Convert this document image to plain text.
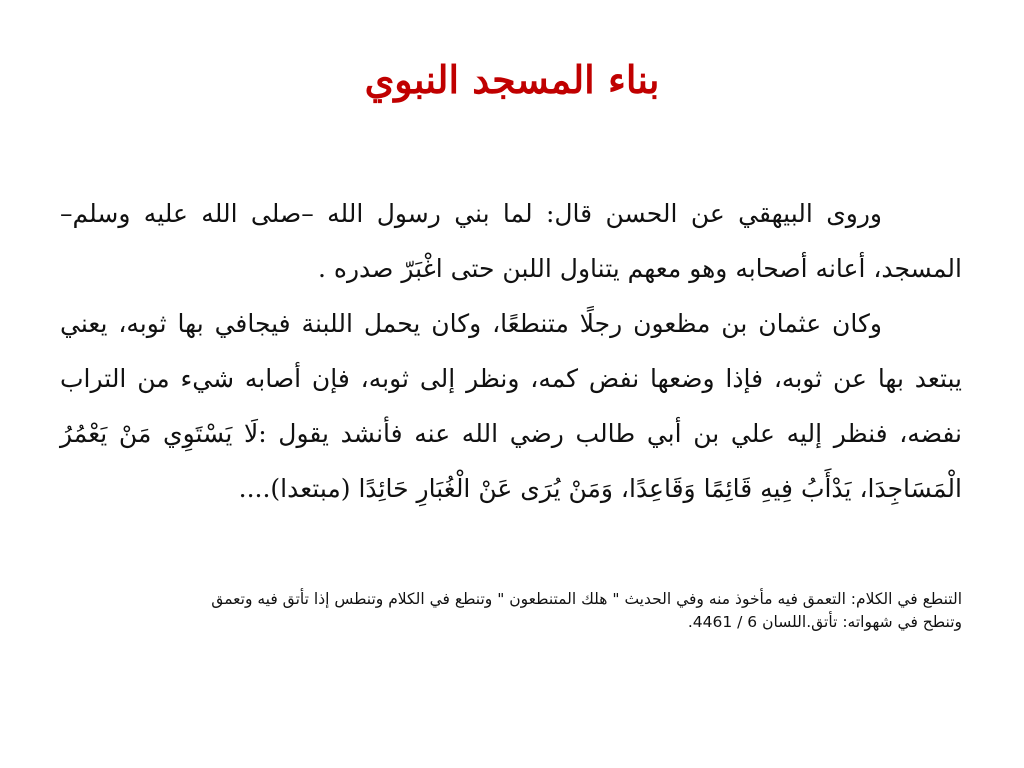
بناء المسجد النبوي

وروى البيهقي عن الحسن قال: لما بني رسول الله –صلى الله عليه وسلم– المسجد، أعانه أصحابه وهو معهم يتناول اللبن حتى اغْبَرّ صدره .

وكان عثمان بن مظعون رجلًا متنطعًا، وكان يحمل اللبنة فيجافي بها ثوبه، يعني يبتعد بها عن ثوبه، فإذا وضعها نفض كمه، ونظر إلى ثوبه، فإن أصابه شيء من التراب نفضه، فنظر إليه علي بن أبي طالب رضي الله عنه فأنشد يقول :لَا يَسْتَوِي مَنْ يَعْمُرُ الْمَسَاجِدَا، يَدْأَبُ فِيهِ قَائِمًا وَقَاعِدًا، وَمَنْ يُرَى عَنْ الْغُبَارِ حَائِدًا (مبتعدا)....

التنطع في الكلام: التعمق فيه مأخوذ منه وفي الحديث " هلك المتنطعون " وتنطع في الكلام وتنطس إذا تأتق فيه وتعمق

وتنطح في شهواته: تأتق.اللسان 6 / 4461.
